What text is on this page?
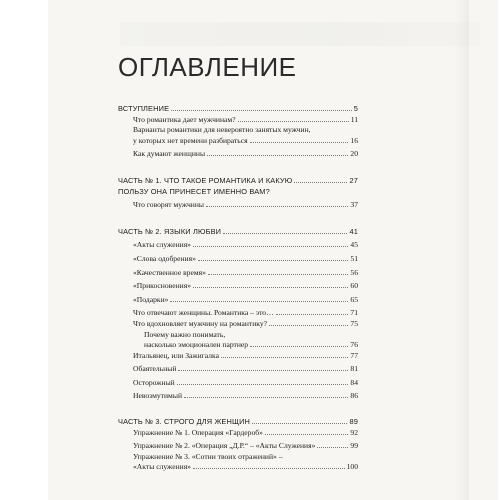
ОГЛАВЛЕНИЕ
ВСТУПЛЕНИЕ	5
Что романтика дает мужчинам?	11
Варианты романтики для невероятно занятых мужчин,
у которых нет времени разбираться	16
Как думают женщины	20
ЧАСТЬ № 1. ЧТО ТАКОЕ РОМАНТИКА И КАКУЮ	27
ПОЛЬЗУ ОНА ПРИНЕСЕТ ИМЕННО ВАМ?
Что говорят мужчины	37
ЧАСТЬ № 2. ЯЗЫКИ ЛЮБВИ	41
«Акты служения»	45
«Слова одобрения»	51
«Качественное время»	56
«Прикосновения»	60
«Подарки»	65
Что отвечают женщины. Романтика – это…	71
Что вдохновляет мужчину на романтику?	75
Почему важно понимать,
насколько эмоционален партнер	76
Итальянец, или Зажигалка	77
Обаятельный	81
Осторожный	84
Невозмутимый	86
ЧАСТЬ № 3. СТРОГО ДЛЯ ЖЕНЩИН	89
Упражнение № 1. Операция «Гардероб»	92
Упражнение № 2. «Операция „Д.Р.“ – «Акты Служения»	99
Упражнение № 3. «Сотни твоих отражений» –
«Акты служения»	100
